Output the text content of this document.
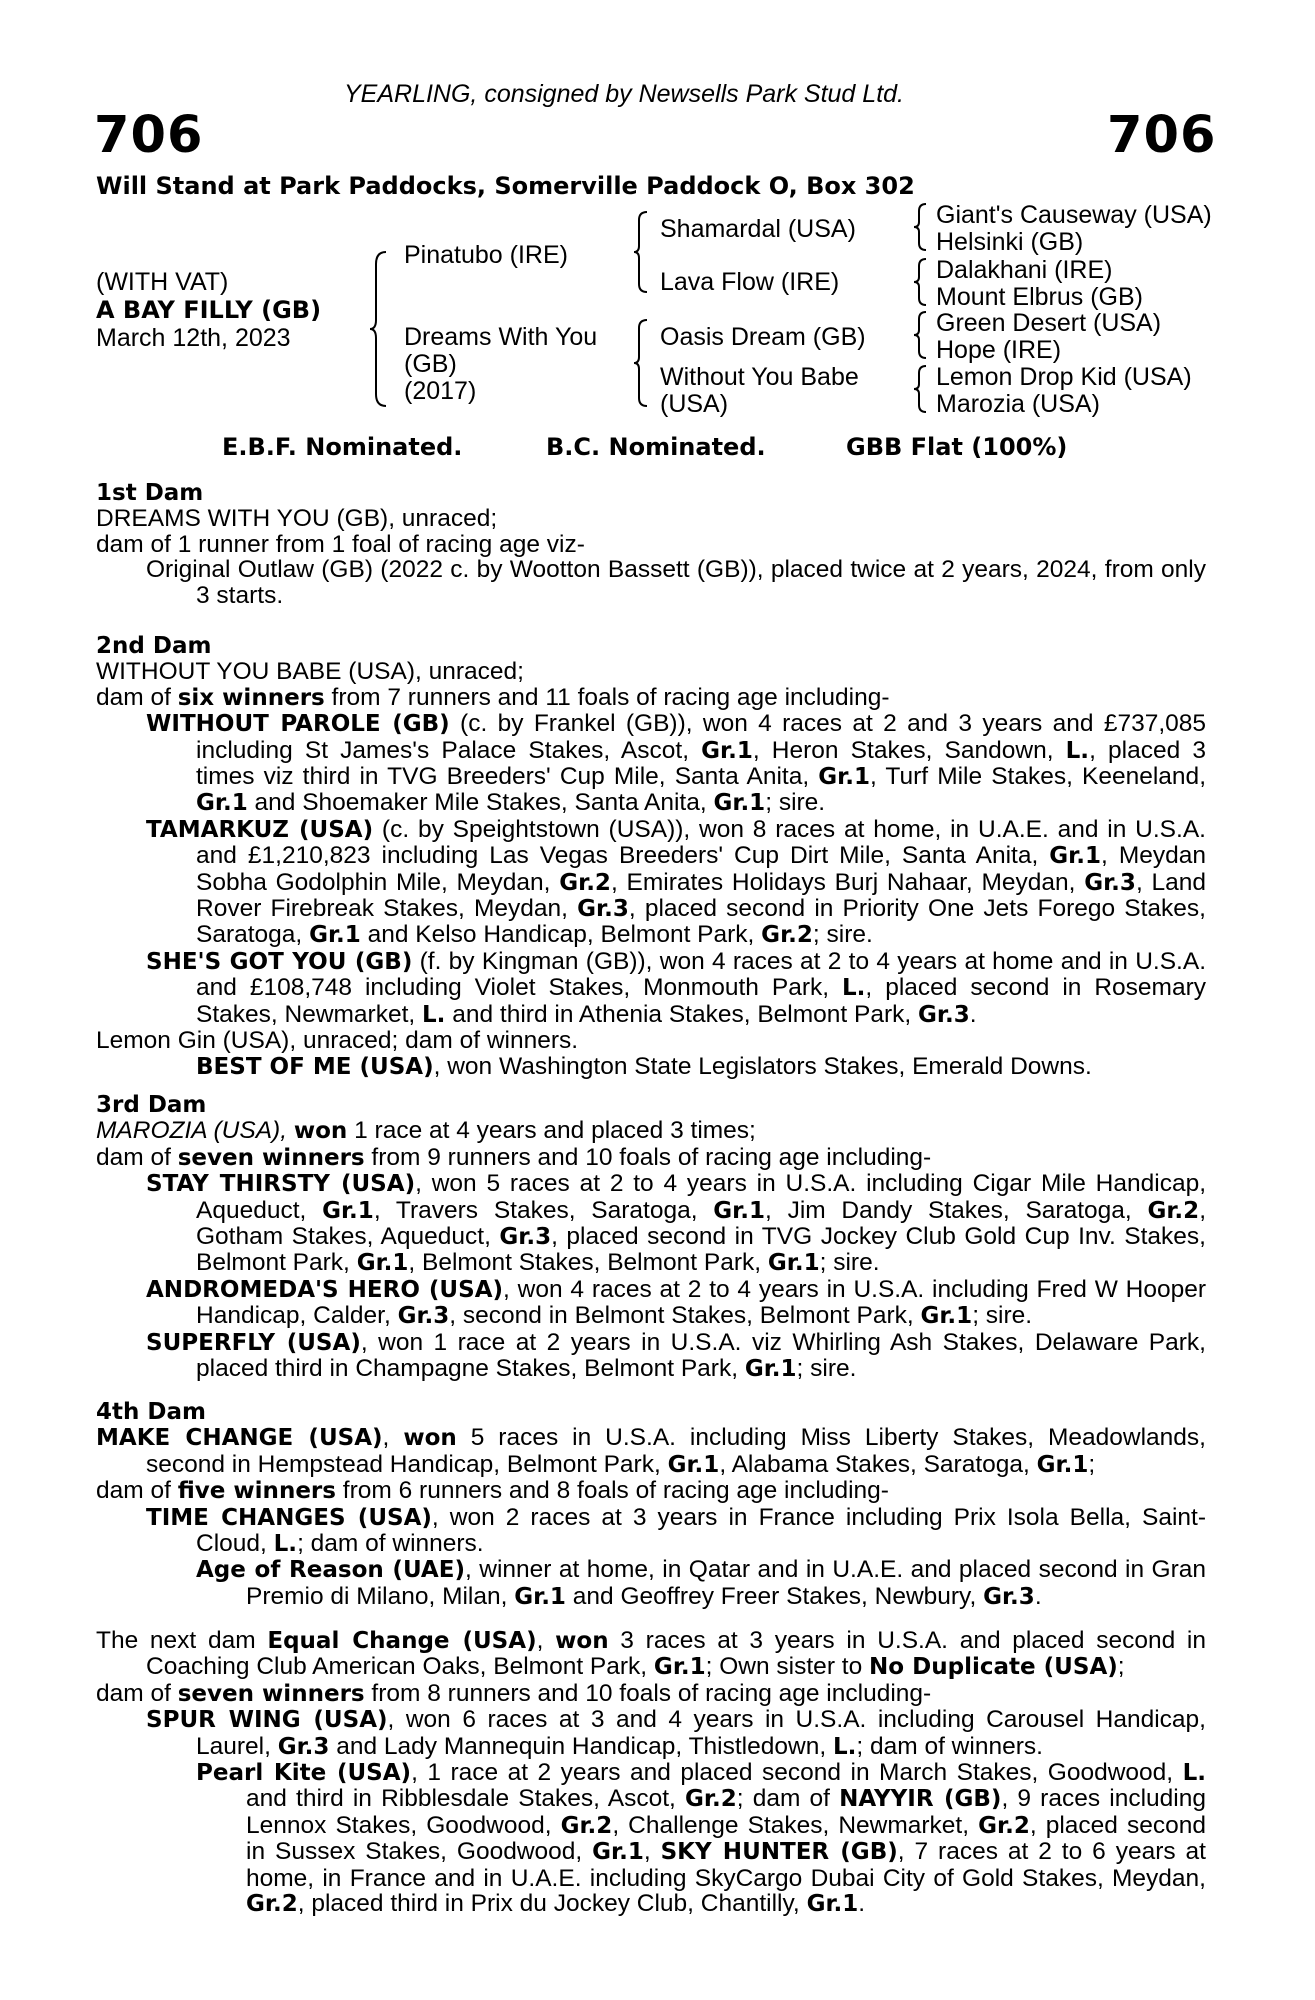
YEARLING, consigned by Newsells Park Stud Ltd.
706	706
Will Stand at Park Paddocks, Somerville Paddock O, Box 302
(WITH VAT)
A BAY FILLY (GB)
March 12th, 2023
Pinatubo (IRE)
Dreams With You
(GB)
(2017)
Shamardal (USA)
Lava Flow (IRE)
Oasis Dream (GB)
Without You Babe
(USA)
Giant's Causeway (USA)
Helsinki (GB)
Dalakhani (IRE)
Mount Elbrus (GB)
Green Desert (USA)
Hope (IRE)
Lemon Drop Kid (USA)
Marozia (USA)
E.B.F. Nominated.	B.C. Nominated.	GBB Flat (100%)

1st Dam

DREAMS WITH YOU (GB), unraced;

dam of 1 runner from 1 foal of racing age viz-

Original Outlaw (GB) (2022 c. by Wootton Bassett (GB)), placed twice at 2 years, 2024, from only 3 starts.

2nd Dam

WITHOUT YOU BABE (USA), unraced;

dam of six winners from 7 runners and 11 foals of racing age including-

WITHOUT PAROLE (GB) (c. by Frankel (GB)), won 4 races at 2 and 3 years and £737,085 including St James's Palace Stakes, Ascot, Gr.1, Heron Stakes, Sandown, L., placed 3 times viz third in TVG Breeders' Cup Mile, Santa Anita, Gr.1, Turf Mile Stakes, Keeneland, Gr.1 and Shoemaker Mile Stakes, Santa Anita, Gr.1; sire.

TAMARKUZ (USA) (c. by Speightstown (USA)), won 8 races at home, in U.A.E. and in U.S.A. and £1,210,823 including Las Vegas Breeders' Cup Dirt Mile, Santa Anita, Gr.1, Meydan Sobha Godolphin Mile, Meydan, Gr.2, Emirates Holidays Burj Nahaar, Meydan, Gr.3, Land Rover Firebreak Stakes, Meydan, Gr.3, placed second in Priority One Jets Forego Stakes, Saratoga, Gr.1 and Kelso Handicap, Belmont Park, Gr.2; sire.

SHE'S GOT YOU (GB) (f. by Kingman (GB)), won 4 races at 2 to 4 years at home and in U.S.A. and £108,748 including Violet Stakes, Monmouth Park, L., placed second in Rosemary Stakes, Newmarket, L. and third in Athenia Stakes, Belmont Park, Gr.3.

Lemon Gin (USA), unraced; dam of winners.

BEST OF ME (USA), won Washington State Legislators Stakes, Emerald Downs.

3rd Dam

MAROZIA (USA), won 1 race at 4 years and placed 3 times;

dam of seven winners from 9 runners and 10 foals of racing age including-

STAY THIRSTY (USA), won 5 races at 2 to 4 years in U.S.A. including Cigar Mile Handicap, Aqueduct, Gr.1, Travers Stakes, Saratoga, Gr.1, Jim Dandy Stakes, Saratoga, Gr.2, Gotham Stakes, Aqueduct, Gr.3, placed second in TVG Jockey Club Gold Cup Inv. Stakes, Belmont Park, Gr.1, Belmont Stakes, Belmont Park, Gr.1; sire.

ANDROMEDA'S HERO (USA), won 4 races at 2 to 4 years in U.S.A. including Fred W Hooper Handicap, Calder, Gr.3, second in Belmont Stakes, Belmont Park, Gr.1; sire.

SUPERFLY (USA), won 1 race at 2 years in U.S.A. viz Whirling Ash Stakes, Delaware Park, placed third in Champagne Stakes, Belmont Park, Gr.1; sire.

4th Dam

MAKE CHANGE (USA), won 5 races in U.S.A. including Miss Liberty Stakes, Meadowlands, second in Hempstead Handicap, Belmont Park, Gr.1, Alabama Stakes, Saratoga, Gr.1;

dam of five winners from 6 runners and 8 foals of racing age including-

TIME CHANGES (USA), won 2 races at 3 years in France including Prix Isola Bella, Saint-Cloud, L.; dam of winners.

Age of Reason (UAE), winner at home, in Qatar and in U.A.E. and placed second in Gran Premio di Milano, Milan, Gr.1 and Geoffrey Freer Stakes, Newbury, Gr.3.

The next dam Equal Change (USA), won 3 races at 3 years in U.S.A. and placed second in Coaching Club American Oaks, Belmont Park, Gr.1; Own sister to No Duplicate (USA);

dam of seven winners from 8 runners and 10 foals of racing age including-

SPUR WING (USA), won 6 races at 3 and 4 years in U.S.A. including Carousel Handicap, Laurel, Gr.3 and Lady Mannequin Handicap, Thistledown, L.; dam of winners.

Pearl Kite (USA), 1 race at 2 years and placed second in March Stakes, Goodwood, L. and third in Ribblesdale Stakes, Ascot, Gr.2; dam of NAYYIR (GB), 9 races including Lennox Stakes, Goodwood, Gr.2, Challenge Stakes, Newmarket, Gr.2, placed second in Sussex Stakes, Goodwood, Gr.1, SKY HUNTER (GB), 7 races at 2 to 6 years at home, in France and in U.A.E. including SkyCargo Dubai City of Gold Stakes, Meydan, Gr.2, placed third in Prix du Jockey Club, Chantilly, Gr.1.
